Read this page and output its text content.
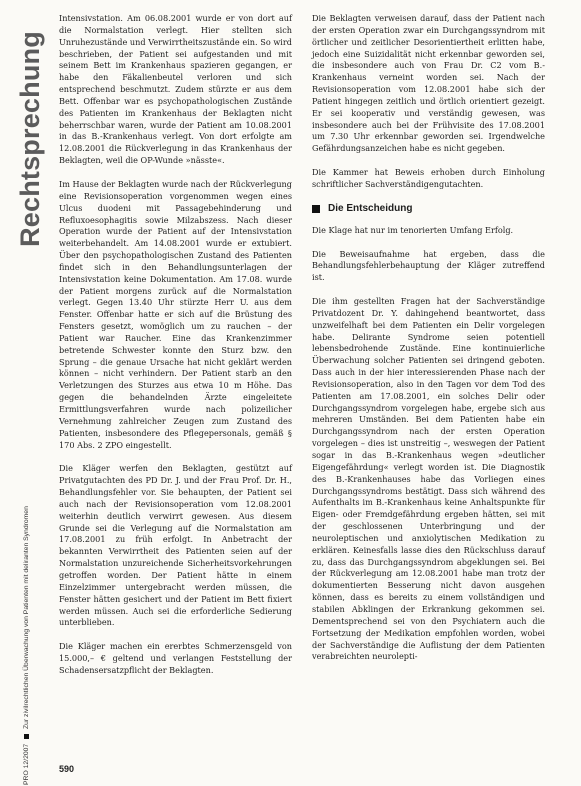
Rechtsprechung
PRO 12/2007  Zur zivilrechtlichen Überwachung von Patienten mit deliranten Syndromen

Intensivstation. Am 06.08.2001 wurde er von dort auf die Normalstation verlegt. Hier stellten sich Unruhezustände und Verwirrtheitszustände ein. So wird beschrieben, der Patient sei aufgestanden und mit seinem Bett im Krankenhaus spazieren gegangen, er habe den Fäkalienbeutel verloren und sich entsprechend beschmutzt. Zudem stürzte er aus dem Bett. Offenbar war es psychopathologischen Zustände des Patienten im Krankenhaus der Beklagten nicht beherrschbar waren, wurde der Patient am 10.08.2001 in das B.-Krankenhaus verlegt. Von dort erfolgte am 12.08.2001 die Rückverlegung in das Krankenhaus der Beklagten, weil die OP-Wunde »nässte«.

Im Hause der Beklagten wurde nach der Rückverlegung eine Revisionsoperation vorgenommen wegen eines Ulcus duodeni mit Passagebehinderung und Refluxoesophagitis sowie Milzabszess. Nach dieser Operation wurde der Patient auf der Intensivstation weiterbehandelt. Am 14.08.2001 wurde er extubiert. Über den psychopathologischen Zustand des Patienten findet sich in den Behandlungsunterlagen der Intensivstation keine Dokumentation. Am 17.08. wurde der Patient morgens zurück auf die Normalstation verlegt. Gegen 13.40 Uhr stürzte Herr U. aus dem Fenster. Offenbar hatte er sich auf die Brüstung des Fensters gesetzt, womöglich um zu rauchen – der Patient war Raucher. Eine das Krankenzimmer betretende Schwester konnte den Sturz bzw. den Sprung – die genaue Ursache hat nicht geklärt werden können – nicht verhindern. Der Patient starb an den Verletzungen des Sturzes aus etwa 10 m Höhe. Das gegen die behandelnden Ärzte eingeleitete Ermittlungsverfahren wurde nach polizeilicher Vernehmung zahlreicher Zeugen zum Zustand des Patienten, insbesondere des Pflegepersonals, gemäß § 170 Abs. 2 ZPO eingestellt.

Die Kläger werfen den Beklagten, gestützt auf Privatgutachten des PD Dr. J. und der Frau Prof. Dr. H., Behandlungsfehler vor. Sie behaupten, der Patient sei auch nach der Revisionsoperation vom 12.08.2001 weiterhin deutlich verwirrt gewesen. Aus diesem Grunde sei die Verlegung auf die Normalstation am 17.08.2001 zu früh erfolgt. In Anbetracht der bekannten Verwirrtheit des Patienten seien auf der Normalstation unzureichende Sicherheitsvorkehrungen getroffen worden. Der Patient hätte in einem Einzelzimmer untergebracht werden müssen, die Fenster hätten gesichert und der Patient im Bett fixiert werden müssen. Auch sei die erforderliche Sedierung unterblieben.

Die Kläger machen ein ererbtes Schmerzensgeld von 15.000,– € geltend und verlangen Feststellung der Schadensersatzpflicht der Beklagten.

Die Beklagten verweisen darauf, dass der Patient nach der ersten Operation zwar ein Durchgangssyndrom mit örtlicher und zeitlicher Desorientiertheit erlitten habe, jedoch eine Suizidalität nicht erkennbar geworden sei, die insbesondere auch von Frau Dr. C2 vom B.-Krankenhaus verneint worden sei. Nach der Revisionsoperation vom 12.08.2001 habe sich der Patient hingegen zeitlich und örtlich orientiert gezeigt. Er sei kooperativ und verständig gewesen, was insbesondere auch bei der Frühvisite des 17.08.2001 um 7.30 Uhr erkennbar geworden sei. Irgendwelche Gefährdungsanzeichen habe es nicht gegeben.

Die Kammer hat Beweis erhoben durch Einholung schriftlicher Sachverständigengutachten.

Die Entscheidung

Die Klage hat nur im tenorierten Umfang Erfolg.

Die Beweisaufnahme hat ergeben, dass die Behandlungsfehlerbehauptung der Kläger zutreffend ist.

Die ihm gestellten Fragen hat der Sachverständige Privatdozent Dr. Y. dahingehend beantwortet, dass unzweifelhaft bei dem Patienten ein Delir vorgelegen habe. Delirante Syndrome seien potentiell lebensbedrohende Zustände. Eine kontinuierliche Überwachung solcher Patienten sei dringend geboten. Dass auch in der hier interessierenden Phase nach der Revisionsoperation, also in den Tagen vor dem Tod des Patienten am 17.08.2001, ein solches Delir oder Durchgangssyndrom vorgelegen habe, ergebe sich aus mehreren Umständen. Bei dem Patienten habe ein Durchgangssyndrom nach der ersten Operation vorgelegen – dies ist unstreitig –, weswegen der Patient sogar in das B.-Krankenhaus wegen »deutlicher Eigengefährdung« verlegt worden ist. Die Diagnostik des B.-Krankenhauses habe das Vorliegen eines Durchgangssyndroms bestätigt. Dass sich während des Aufenthalts im B.-Krankenhaus keine Anhaltspunkte für Eigen- oder Fremdgefährdung ergeben hätten, sei mit der geschlossenen Unterbringung und der neuroleptischen und anxiolytischen Medikation zu erklären. Keinesfalls lasse dies den Rückschluss darauf zu, dass das Durchgangssyndrom abgeklungen sei. Bei der Rückverlegung am 12.08.2001 habe man trotz der dokumentierten Besserung nicht davon ausgehen können, dass es bereits zu einem vollständigen und stabilen Abklingen der Erkrankung gekommen sei. Dementsprechend sei von den Psychiatern auch die Fortsetzung der Medikation empfohlen worden, wobei der Sachverständige die Auflistung der dem Patienten verabreichten neurolepti-

590
